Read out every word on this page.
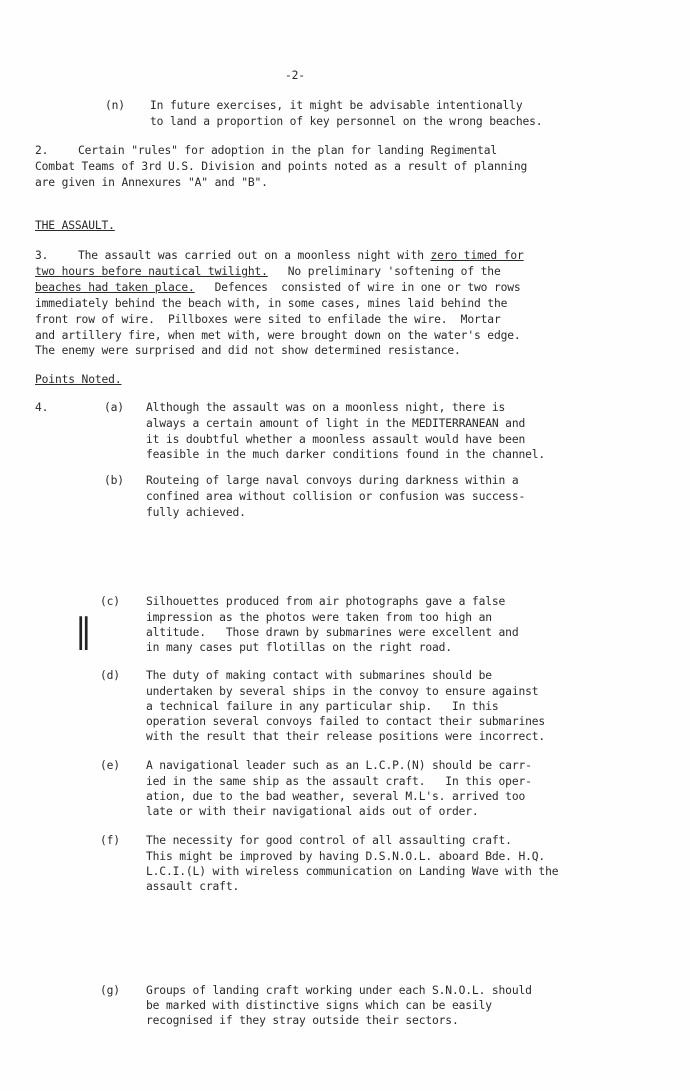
-2-
(n) In future exercises, it might be advisable intentionally
to land a proportion of key personnel on the wrong beaches.
2.	Certain "rules" for adoption in the plan for landing Regimental
Combat Teams of 3rd U.S. Division and points noted as a result of planning
are given in Annexures "A" and "B".
THE ASSAULT.
3.	The assault was carried out on a moonless night with zero timed for
two hours before nautical twilight.   No preliminary 'softening of the
beaches had taken place.   Defences  consisted of wire in one or two rows
immediately behind the beach with, in some cases, mines laid behind the
front row of wire.  Pillboxes were sited to enfilade the wire.  Mortar
and artillery fire, when met with, were brought down on the water's edge.
The enemy were surprised and did not show determined resistance.
Points Noted.
4.	(a) Although the assault was on a moonless night, there is
always a certain amount of light in the MEDITERRANEAN and
it is doubtful whether a moonless assault would have been
feasible in the much darker conditions found in the channel.
(b) Routeing of large naval convoys during darkness within a
confined area without collision or confusion was success-
fully achieved.
||
(c) Silhouettes produced from air photographs gave a false
impression as the photos were taken from too high an
altitude.   Those drawn by submarines were excellent and
in many cases put flotillas on the right road.
(d) The duty of making contact with submarines should be
undertaken by several ships in the convoy to ensure against
a technical failure in any particular ship.   In this
operation several convoys failed to contact their submarines
with the result that their release positions were incorrect.
(e) A navigational leader such as an L.C.P.(N) should be carr-
ied in the same ship as the assault craft.   In this oper-
ation, due to the bad weather, several M.L's. arrived too
late or with their navigational aids out of order.
(f) The necessity for good control of all assaulting craft.
This might be improved by having D.S.N.O.L. aboard Bde. H.Q.
L.C.I.(L) with wireless communication on Landing Wave with the
assault craft.
(g) Groups of landing craft working under each S.N.O.L. should
be marked with distinctive signs which can be easily
recognised if they stray outside their sectors.
